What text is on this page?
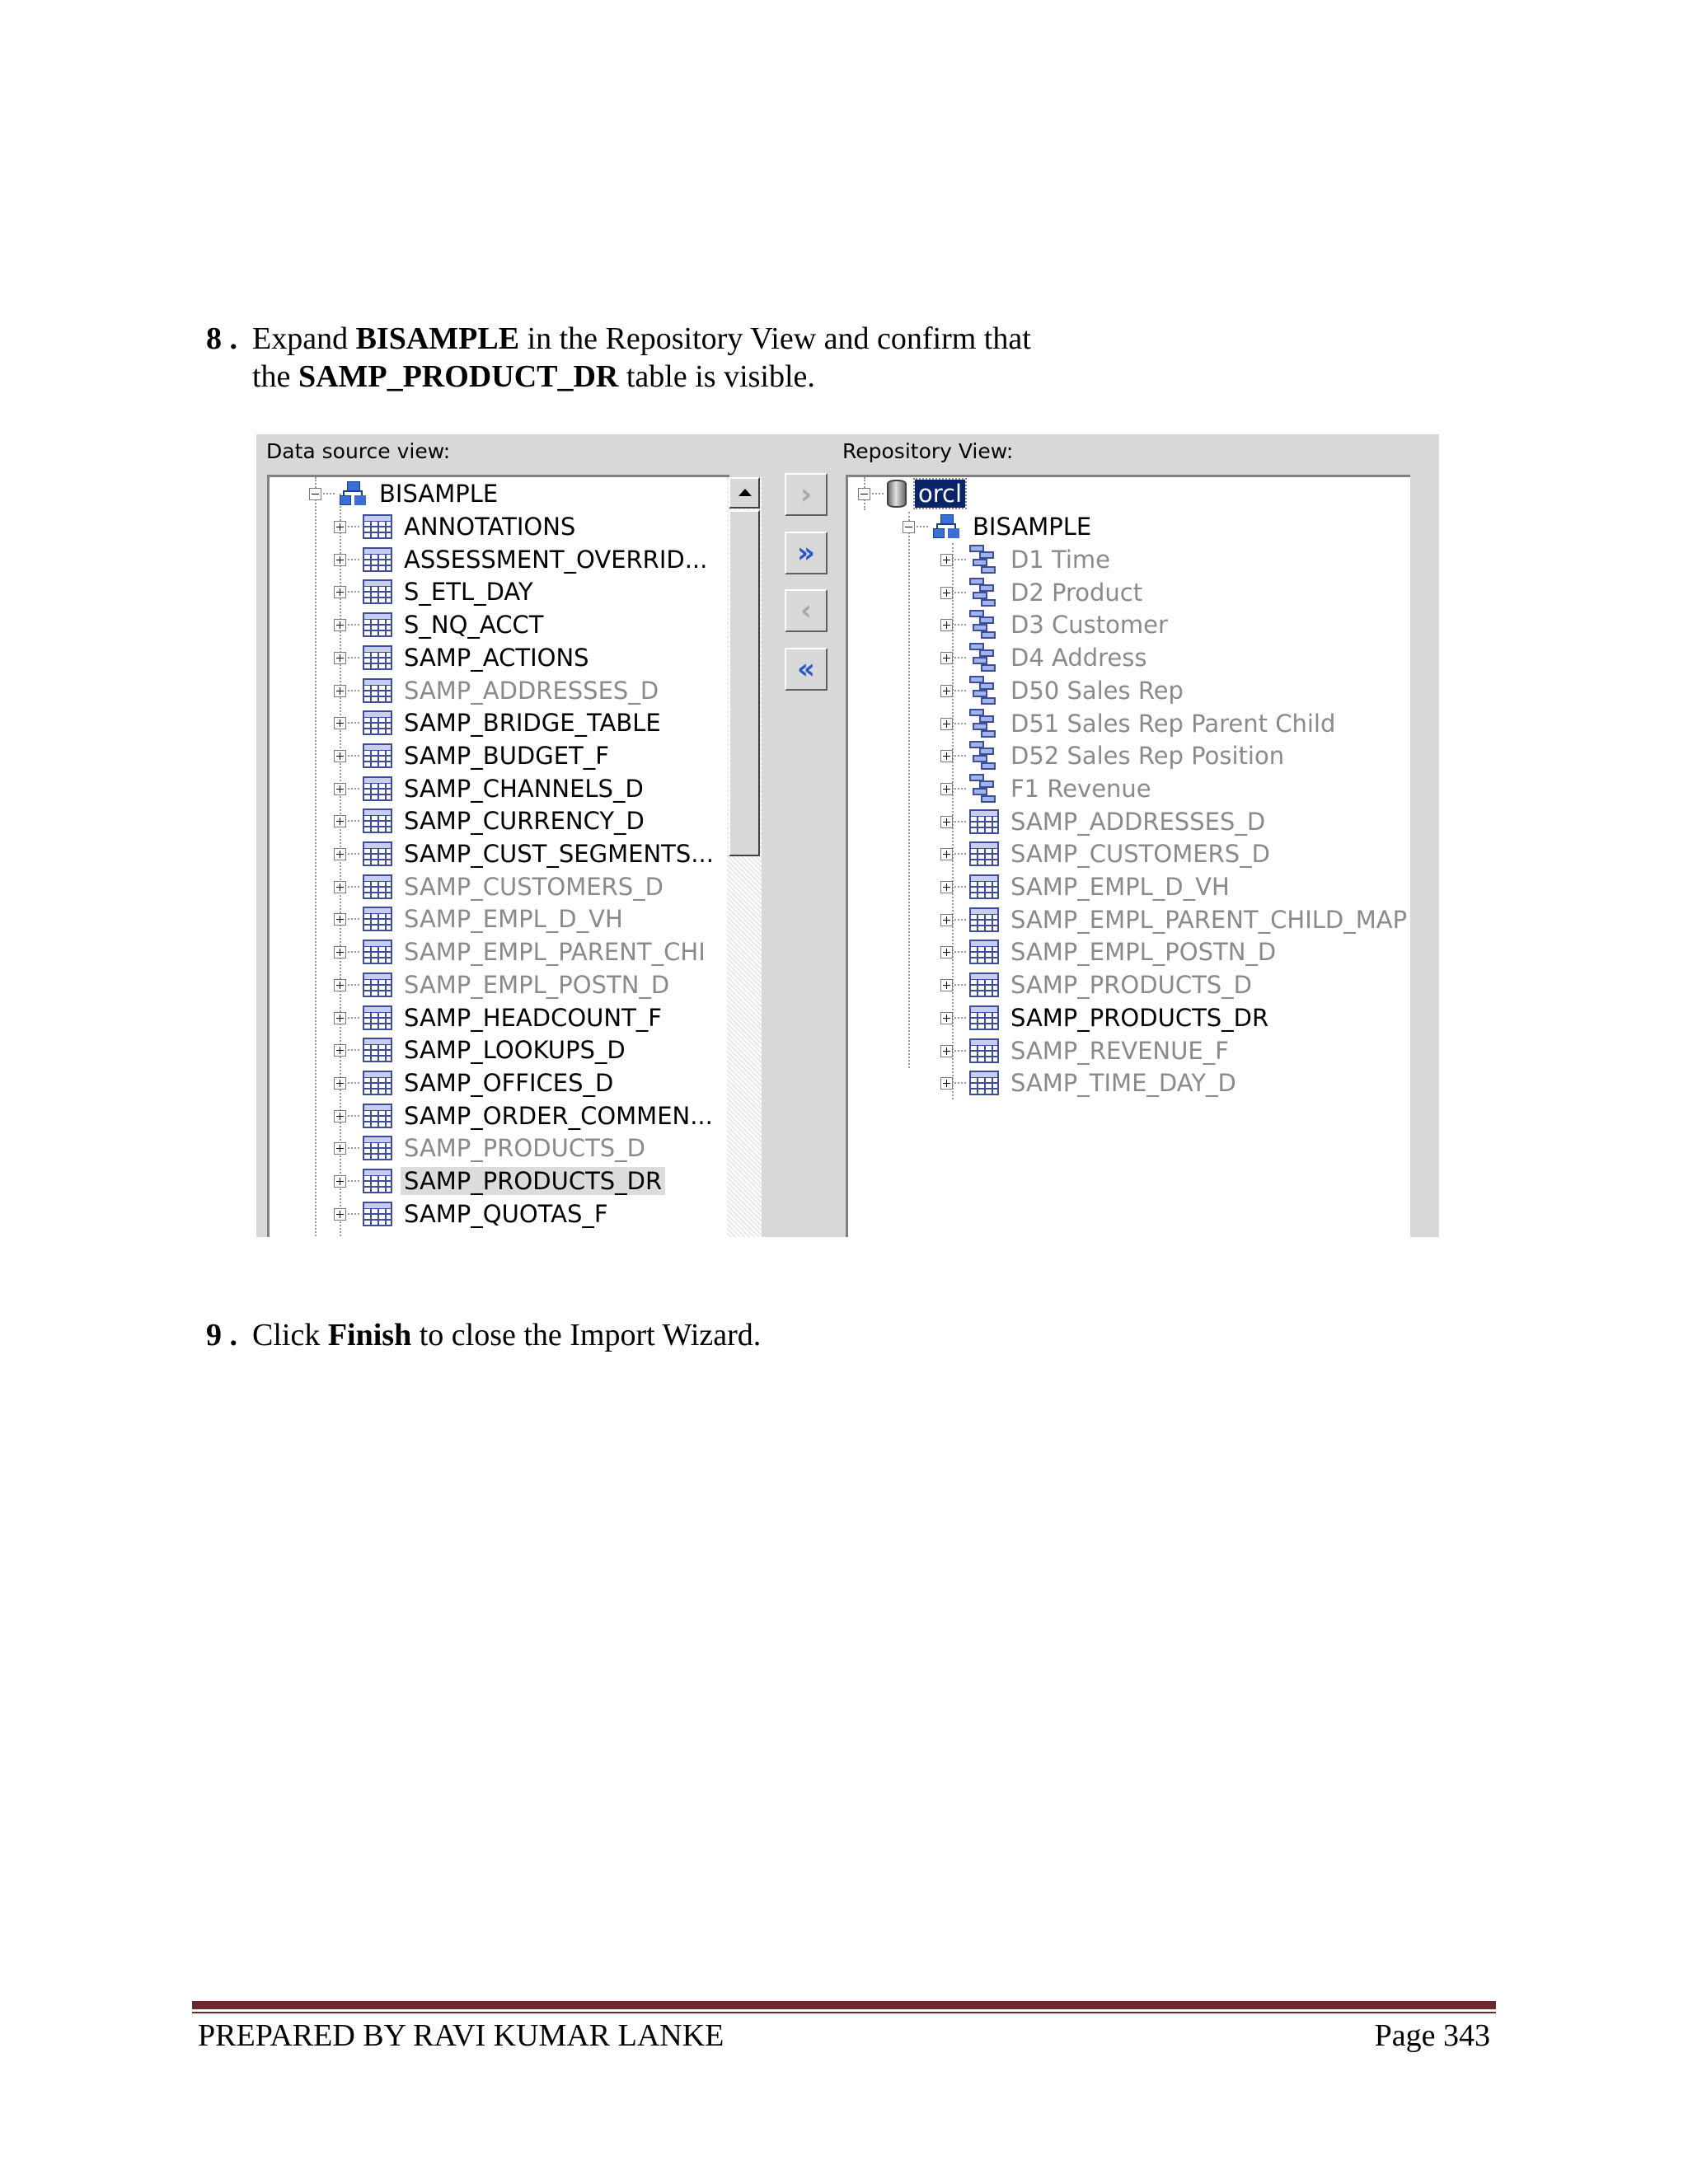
8 . Expand BISAMPLE in the Repository View and confirm that
the SAMP_PRODUCT_DR table is visible.
Data source view:	Repository View:
BISAMPLE
ANNOTATIONS
ASSESSMENT_OVERRID...
S_ETL_DAY
S_NQ_ACCT
SAMP_ACTIONS
SAMP_ADDRESSES_D
SAMP_BRIDGE_TABLE
SAMP_BUDGET_F
SAMP_CHANNELS_D
SAMP_CURRENCY_D
SAMP_CUST_SEGMENTS...
SAMP_CUSTOMERS_D
SAMP_EMPL_D_VH
SAMP_EMPL_PARENT_CHI
SAMP_EMPL_POSTN_D
SAMP_HEADCOUNT_F
SAMP_LOOKUPS_D
SAMP_OFFICES_D
SAMP_ORDER_COMMEN...
SAMP_PRODUCTS_D
SAMP_PRODUCTS_DR
SAMP_QUOTAS_F
›
»
‹
«
orcl
BISAMPLE
D1 Time
D2 Product
D3 Customer
D4 Address
D50 Sales Rep
D51 Sales Rep Parent Child
D52 Sales Rep Position
F1 Revenue
SAMP_ADDRESSES_D
SAMP_CUSTOMERS_D
SAMP_EMPL_D_VH
SAMP_EMPL_PARENT_CHILD_MAP
SAMP_EMPL_POSTN_D
SAMP_PRODUCTS_D
SAMP_PRODUCTS_DR
SAMP_REVENUE_F
SAMP_TIME_DAY_D
9 . Click Finish to close the Import Wizard.
PREPARED BY RAVI KUMAR LANKE	Page 343
